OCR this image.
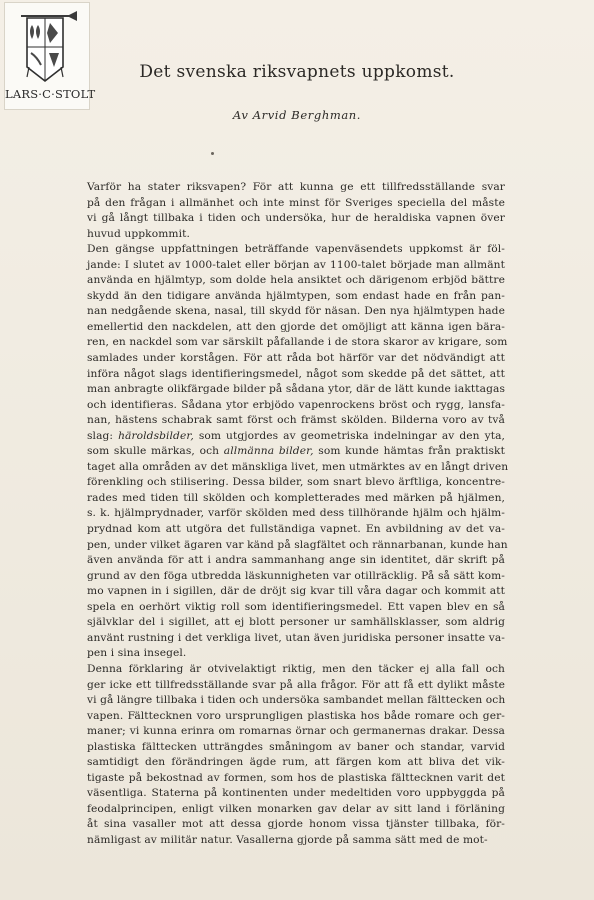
LARS·C·STOLT
Det svenska riksvapnets uppkomst.
Av Arvid Berghman.
Varför ha stater riksvapen? För att kunna ge ett tillfredsställande svar
på den frågan i allmänhet och inte minst för Sveriges speciella del måste
vi gå långt tillbaka i tiden och undersöka, hur de heraldiska vapnen över
huvud uppkommit.
Den gängse uppfattningen beträffande vapenväsendets uppkomst är föl-
jande: I slutet av 1000-talet eller början av 1100-talet började man allmänt
använda en hjälmtyp, som dolde hela ansiktet och därigenom erbjöd bättre
skydd än den tidigare använda hjälmtypen, som endast hade en från pan-
nan nedgående skena, nasal, till skydd för näsan. Den nya hjälmtypen hade
emellertid den nackdelen, att den gjorde det omöjligt att känna igen bära-
ren, en nackdel som var särskilt påfallande i de stora skaror av krigare, som
samlades under korstågen. För att råda bot härför var det nödvändigt att
införa något slags identifieringsmedel, något som skedde på det sättet, att
man anbragte olikfärgade bilder på sådana ytor, där de lätt kunde iakttagas
och identifieras. Sådana ytor erbjödo vapenrockens bröst och rygg, lansfa-
nan, hästens schabrak samt först och främst skölden. Bilderna voro av två
slag: häroldsbilder, som utgjordes av geometriska indelningar av den yta,
som skulle märkas, och allmänna bilder, som kunde hämtas från praktiskt
taget alla områden av det mänskliga livet, men utmärktes av en långt driven
förenkling och stilisering. Dessa bilder, som snart blevo ärftliga, koncentre-
rades med tiden till skölden och kompletterades med märken på hjälmen,
s. k. hjälmprydnader, varför skölden med dess tillhörande hjälm och hjälm-
prydnad kom att utgöra det fullständiga vapnet. En avbildning av det va-
pen, under vilket ägaren var känd på slagfältet och rännarbanan, kunde han
även använda för att i andra sammanhang ange sin identitet, där skrift på
grund av den föga utbredda läskunnigheten var otillräcklig. På så sätt kom-
mo vapnen in i sigillen, där de dröjt sig kvar till våra dagar och kommit att
spela en oerhört viktig roll som identifieringsmedel. Ett vapen blev en så
självklar del i sigillet, att ej blott personer ur samhällsklasser, som aldrig
använt rustning i det verkliga livet, utan även juridiska personer insatte va-
pen i sina insegel.
Denna förklaring är otvivelaktigt riktig, men den täcker ej alla fall och
ger icke ett tillfredsställande svar på alla frågor. För att få ett dylikt måste
vi gå längre tillbaka i tiden och undersöka sambandet mellan fälttecken och
vapen. Fälttecknen voro ursprungligen plastiska hos både romare och ger-
maner; vi kunna erinra om romarnas örnar och germanernas drakar. Dessa
plastiska fälttecken utträngdes småningom av baner och standar, varvid
samtidigt den förändringen ägde rum, att färgen kom att bliva det vik-
tigaste på bekostnad av formen, som hos de plastiska fälttecknen varit det
väsentliga. Staterna på kontinenten under medeltiden voro uppbyggda på
feodalprincipen, enligt vilken monarken gav delar av sitt land i förläning
åt sina vasaller mot att dessa gjorde honom vissa tjänster tillbaka, för-
nämligast av militär natur. Vasallerna gjorde på samma sätt med de mot-
